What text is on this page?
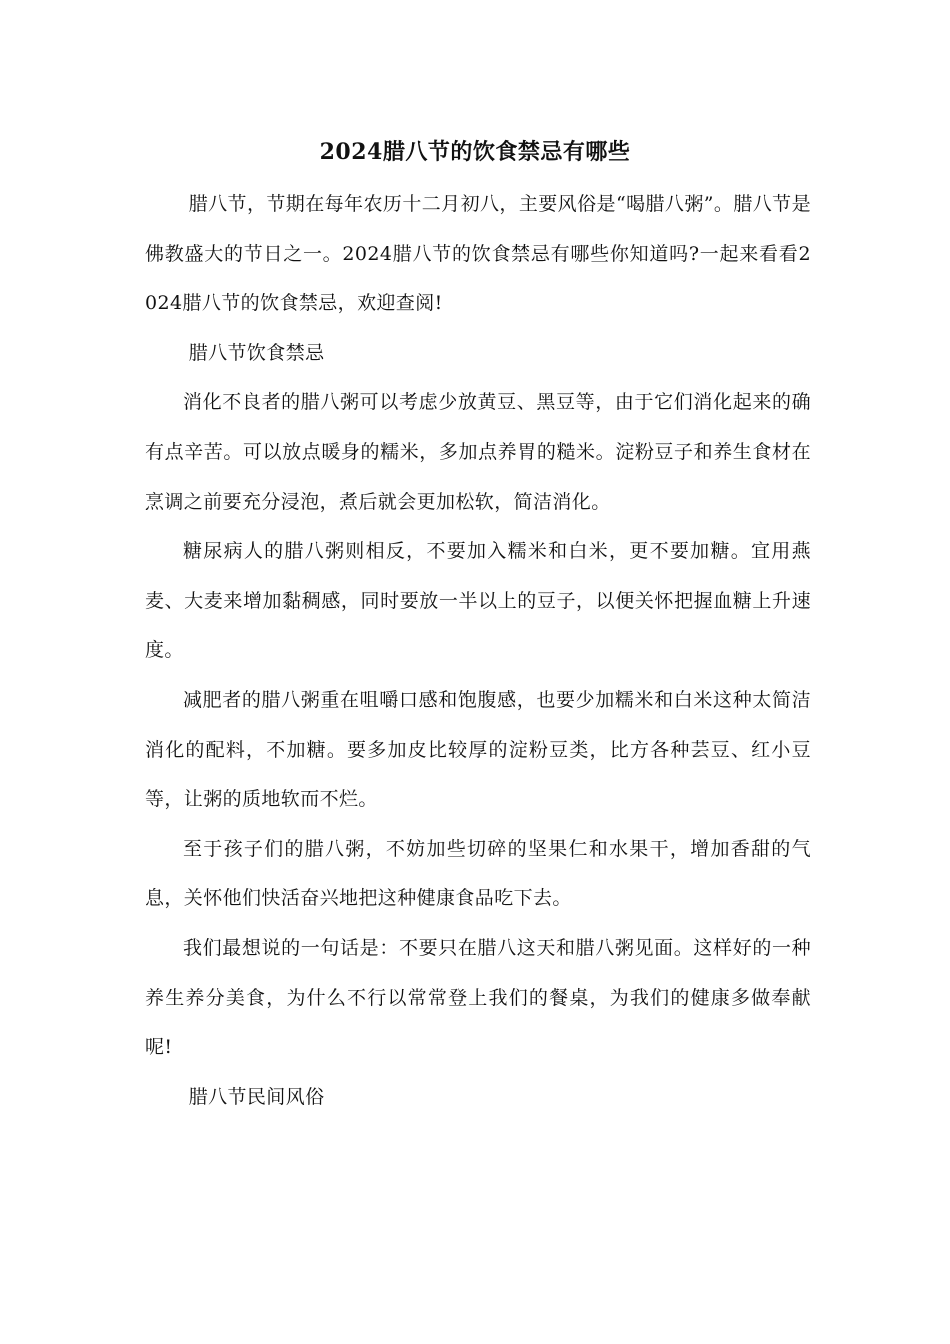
2024腊八节的饮食禁忌有哪些

腊八节，节期在每年农历十二月初八，主要风俗是“喝腊八粥”。腊八节是佛教盛大的节日之一。2024腊八节的饮食禁忌有哪些你知道吗?一起来看看2024腊八节的饮食禁忌，欢迎查阅!

腊八节饮食禁忌

消化不良者的腊八粥可以考虑少放黄豆、黑豆等，由于它们消化起来的确有点辛苦。可以放点暖身的糯米，多加点养胃的糙米。淀粉豆子和养生食材在烹调之前要充分浸泡，煮后就会更加松软，简洁消化。

糖尿病人的腊八粥则相反，不要加入糯米和白米，更不要加糖。宜用燕麦、大麦来增加黏稠感，同时要放一半以上的豆子，以便关怀把握血糖上升速度。

减肥者的腊八粥重在咀嚼口感和饱腹感，也要少加糯米和白米这种太简洁消化的配料，不加糖。要多加皮比较厚的淀粉豆类，比方各种芸豆、红小豆等，让粥的质地软而不烂。

至于孩子们的腊八粥，不妨加些切碎的坚果仁和水果干，增加香甜的气息，关怀他们快活奋兴地把这种健康食品吃下去。

我们最想说的一句话是：不要只在腊八这天和腊八粥见面。这样好的一种养生养分美食，为什么不行以常常登上我们的餐桌，为我们的健康多做奉献呢!

腊八节民间风俗
